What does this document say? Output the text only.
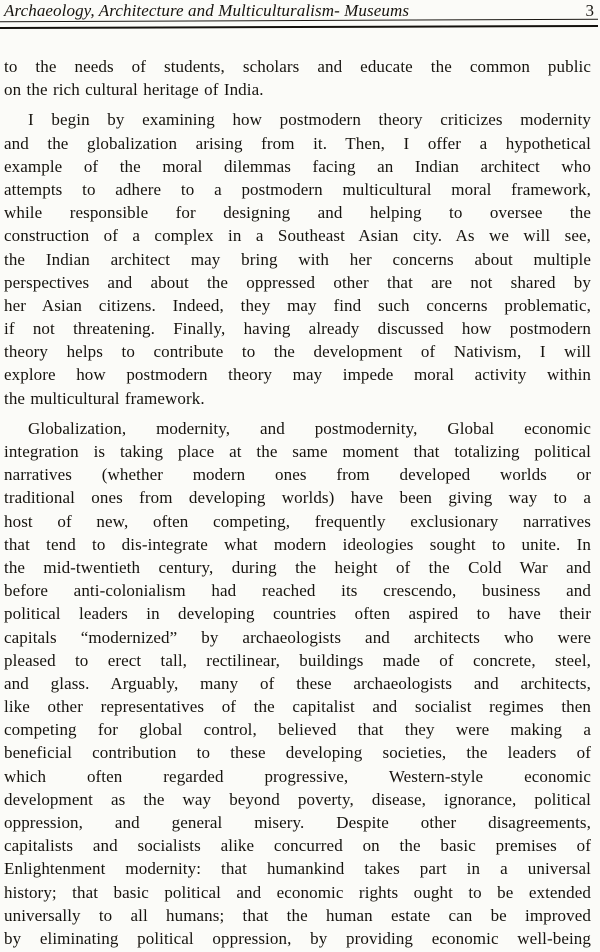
Archaeology, Architecture and Multiculturalism- Museums	3
to the needs of students, scholars and educate the common public
on the rich cultural heritage of India.
I begin by examining how postmodern theory criticizes modernity
and the globalization arising from it. Then, I offer a hypothetical
example of the moral dilemmas facing an Indian architect who
attempts to adhere to a postmodern multicultural moral framework,
while responsible for designing and helping to oversee the
construction of a complex in a Southeast Asian city. As we will see,
the Indian architect may bring with her concerns about multiple
perspectives and about the oppressed other that are not shared by
her Asian citizens. Indeed, they may find such concerns problematic,
if not threatening. Finally, having already discussed how postmodern
theory helps to contribute to the development of Nativism, I will
explore how postmodern theory may impede moral activity within
the multicultural framework.
Globalization, modernity, and postmodernity, Global economic
integration is taking place at the same moment that totalizing political
narratives (whether modern ones from developed worlds or
traditional ones from developing worlds) have been giving way to a
host of new, often competing, frequently exclusionary narratives
that tend to dis-integrate what modern ideologies sought to unite. In
the mid-twentieth century, during the height of the Cold War and
before anti-colonialism had reached its crescendo, business and
political leaders in developing countries often aspired to have their
capitals “modernized” by archaeologists and architects who were
pleased to erect tall, rectilinear, buildings made of concrete, steel,
and glass. Arguably, many of these archaeologists and architects,
like other representatives of the capitalist and socialist regimes then
competing for global control, believed that they were making a
beneficial contribution to these developing societies, the leaders of
which often regarded progressive, Western-style economic
development as the way beyond poverty, disease, ignorance, political
oppression, and general misery. Despite other disagreements,
capitalists and socialists alike concurred on the basic premises of
Enlightenment modernity: that humankind takes part in a universal
history; that basic political and economic rights ought to be extended
universally to all humans; that the human estate can be improved
by eliminating political oppression, by providing economic well-being
